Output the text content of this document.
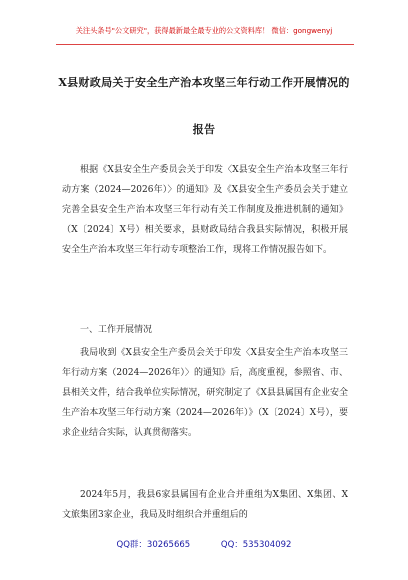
关注头条号"公文研究"，获得最新最全最专业的公文资料库！ 微信：gongwenyj
X县财政局关于安全生产治本攻坚三年行动工作开展情况的
报告

根据《X县安全生产委员会关于印发〈X县安全生产治本攻坚三年行动方案（2024—2026年）〉的通知》及《X县安全生产委员会关于建立完善全县安全生产治本攻坚三年行动有关工作制度及推进机制的通知》（X〔2024〕X号）相关要求，县财政局结合我县实际情况，积极开展安全生产治本攻坚三年行动专项整治工作，现将工作情况报告如下。

一、工作开展情况

我局收到《X县安全生产委员会关于印发〈X县安全生产治本攻坚三年行动方案（2024—2026年）〉的通知》后，高度重视，参照省、市、县相关文件，结合我单位实际情况，研究制定了《X县县属国有企业安全生产治本攻坚三年行动方案（2024—2026年）》（X〔2024〕X号），要求企业结合实际，认真贯彻落实。

2024年5月，我县6家县属国有企业合并重组为X集团、X集团、X文旅集团3家企业，我局及时组织合并重组后的

QQ群：30265665	QQ：535304092
